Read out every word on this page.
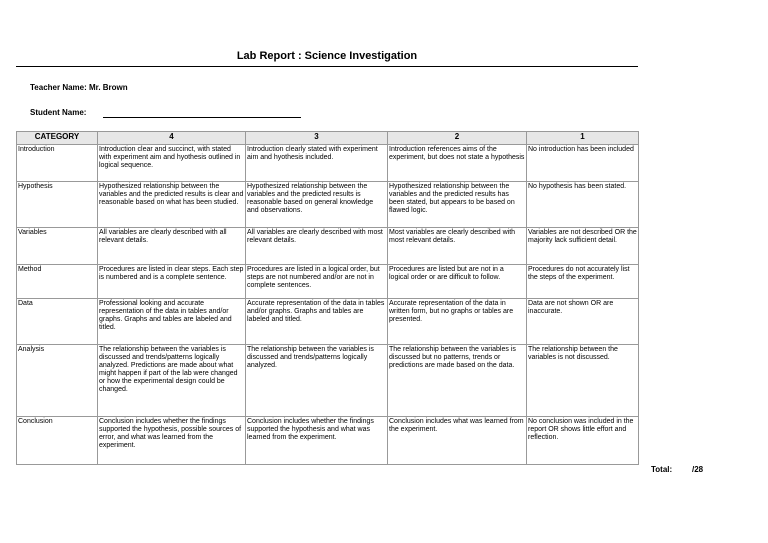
Lab Report : Science Investigation
Teacher Name: Mr. Brown
Student Name:
CATEGORY	4	3	2	1
Introduction	Introduction clear and succinct, with stated with experiment aim and hyothesis outlined in logical sequence.	Introduction clearly stated with experiment aim and hyothesis included.	Introduction references aims of the experiment, but does not state a hypothesis	No introduction has been included
Hypothesis	Hypothesized relationship between the variables and the predicted results is clear and reasonable based on what has been studied.	Hypothesized relationship between the variables and the predicted results is reasonable based on general knowledge and observations.	Hypothesized relationship between the variables and the predicted results has been stated, but appears to be based on flawed logic.	No hypothesis has been stated.
Variables	All variables are clearly described with all relevant details.	All variables are clearly described with most relevant details.	Most variables are clearly described with most relevant details.	Variables are not described OR the majority lack sufficient detail.
Method	Procedures are listed in clear steps. Each step is numbered and is a complete sentence.	Procedures are listed in a logical order, but steps are not numbered and/or are not in complete sentences.	Procedures are listed but are not in a logical order or are difficult to follow.	Procedures do not accurately list the steps of the experiment.
Data	Professional looking and accurate representation of the data in tables and/or graphs. Graphs and tables are labeled and titled.	Accurate representation of the data in tables and/or graphs. Graphs and tables are labeled and titled.	Accurate representation of the data in written form, but no graphs or tables are presented.	Data are not shown OR are inaccurate.
Analysis	The relationship between the variables is discussed and trends/patterns logically analyzed. Predictions are made about what might happen if part of the lab were changed or how the experimental design could be changed.	The relationship between the variables is discussed and trends/patterns logically analyzed.	The relationship between the variables is discussed but no patterns, trends or predictions are made based on the data.	The relationship between the variables is not discussed.
Conclusion	Conclusion includes whether the findings supported the hypothesis, possible sources of error, and what was learned from the experiment.	Conclusion includes whether the findings supported the hypothesis and what was learned from the experiment.	Conclusion includes what was learned from the experiment.	No conclusion was included in the report OR shows little effort and reflection.
Total: /28
